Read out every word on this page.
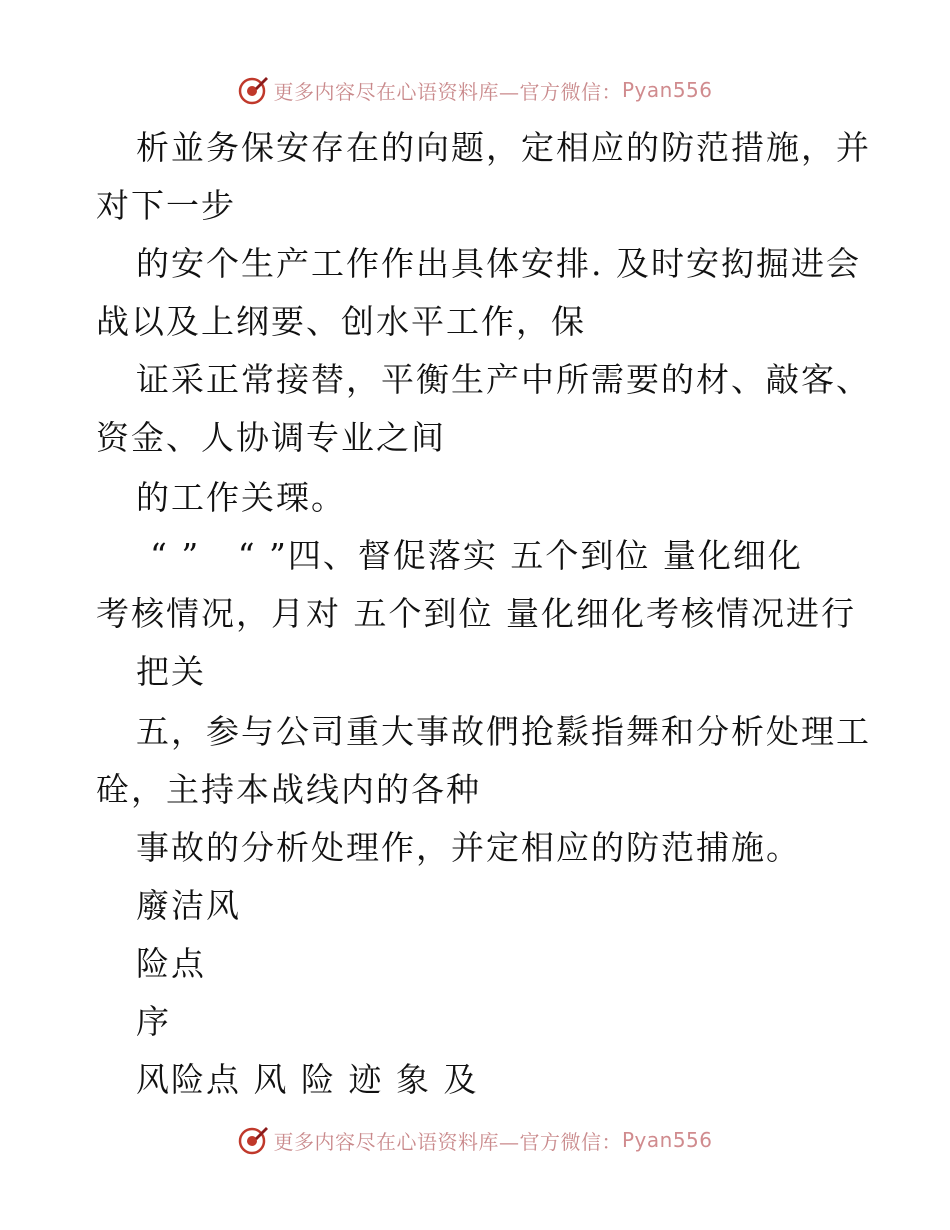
更多内容尽在心语资料库—官方微信： Pyan556
析並务保安存在的向题，定相应的防范措施，并
对下一步
的安个生产工作作出具体安排. 及时安抝掘进会
战以及上纲要、创水平工作，保
证采正常接替，平衡生产中所需要的材、敲客、
资金、人协调专业之间
的工作关瑮。
“ ”   “ ”四、督促落实 五个到位 量化细化
考核情况，月对 五个到位 量化细化考核情况进行
把关
五，参与公司重大事故們抢鬏指舞和分析处理工
硂，主持本战线内的各种
事故的分析处理作，并定相应的防范捕施。
廢洁风
险点
序
风险点 风 险 迹 象 及
更多内容尽在心语资料库—官方微信： Pyan556
